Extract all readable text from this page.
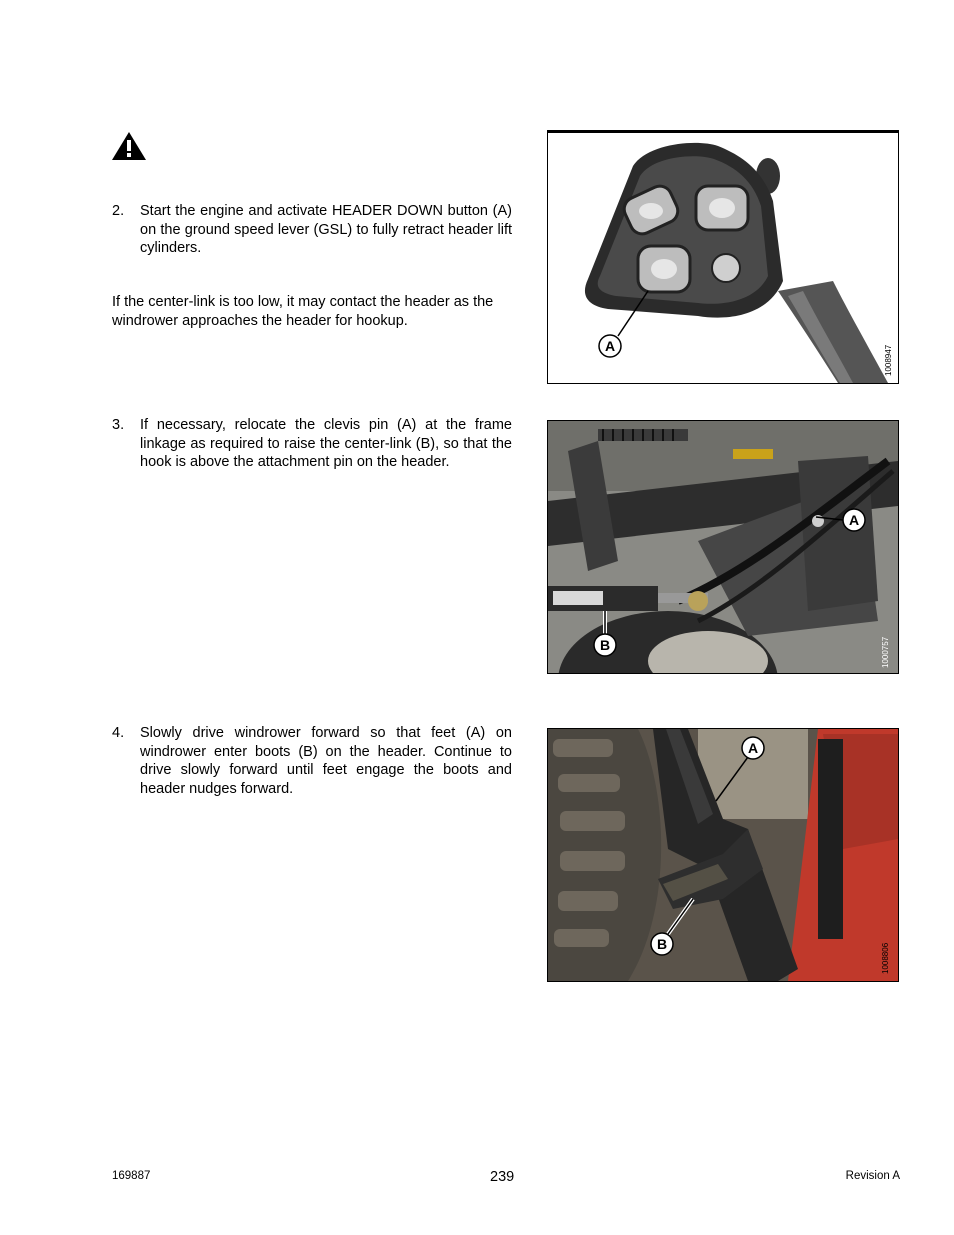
2. Start the engine and activate HEADER DOWN button (A) on the ground speed lever (GSL) to fully retract header lift cylinders.
If the center-link is too low, it may contact the header as the windrower approaches the header for hookup.
3. If necessary, relocate the clevis pin (A) at the frame linkage as required to raise the center-link (B), so that the hook is above the attachment pin on the header.
4. Slowly drive windrower forward so that feet (A) on windrower enter boots (B) on the header. Continue to drive slowly forward until feet engage the boots and header nudges forward.
A	1008947
A
B	1000757
A
B	1008806
169887	239	Revision A
